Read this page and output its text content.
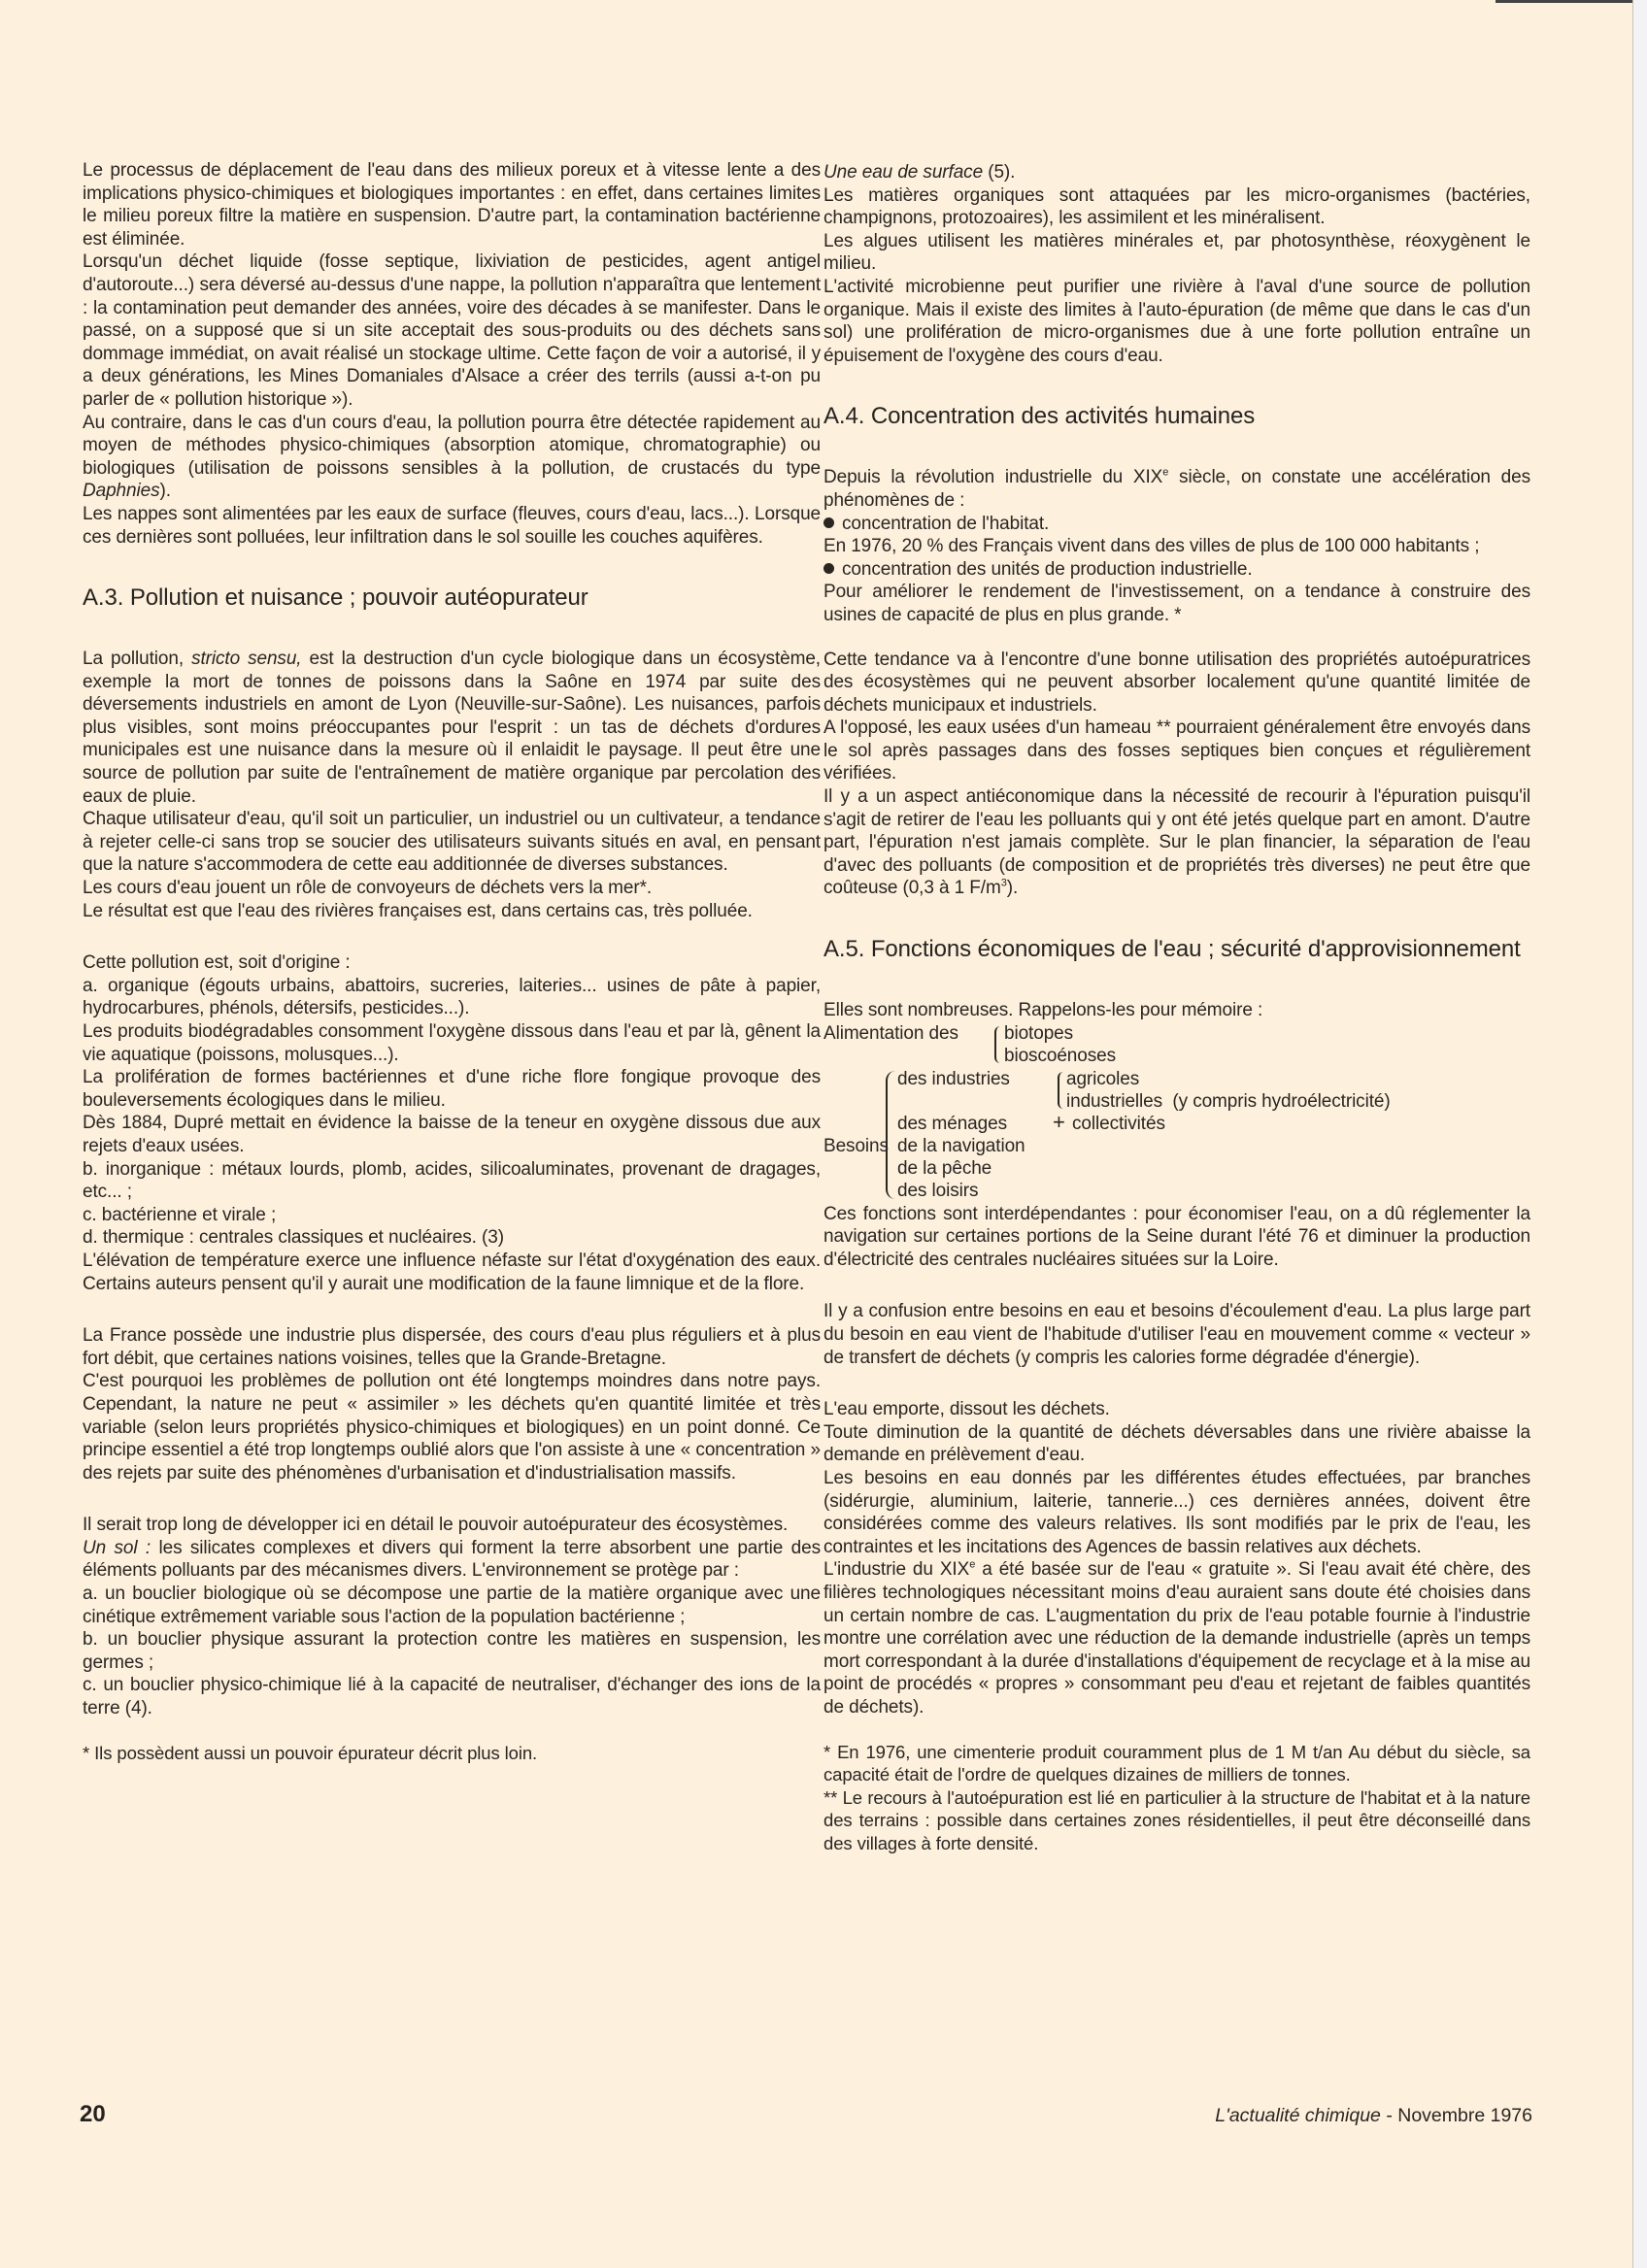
Le processus de déplacement de l'eau dans des milieux poreux et à vitesse lente a des implications physico-chimiques et biologiques importantes : en effet, dans certaines limites le milieu poreux filtre la matière en suspension. D'autre part, la contamination bactérienne est éliminée.

Lorsqu'un déchet liquide (fosse septique, lixiviation de pesticides, agent antigel d'autoroute...) sera déversé au-dessus d'une nappe, la pollution n'apparaîtra que lentement : la contamination peut demander des années, voire des décades à se manifester. Dans le passé, on a supposé que si un site acceptait des sous-produits ou des déchets sans dommage immédiat, on avait réalisé un stockage ultime. Cette façon de voir a autorisé, il y a deux générations, les Mines Domaniales d'Alsace a créer des terrils (aussi a-t-on pu parler de « pollution historique »).

Au contraire, dans le cas d'un cours d'eau, la pollution pourra être détectée rapidement au moyen de méthodes physico-chimiques (absorption atomique, chromatographie) ou biologiques (utilisation de poissons sensibles à la pollution, de crustacés du type Daphnies).

Les nappes sont alimentées par les eaux de surface (fleuves, cours d'eau, lacs...). Lorsque ces dernières sont polluées, leur infiltration dans le sol souille les couches aquifères.

A.3. Pollution et nuisance ; pouvoir autéopurateur

La pollution, stricto sensu, est la destruction d'un cycle biologique dans un écosystème, exemple la mort de tonnes de poissons dans la Saône en 1974 par suite des déversements industriels en amont de Lyon (Neuville-sur-Saône). Les nuisances, parfois plus visibles, sont moins préoccupantes pour l'esprit : un tas de déchets d'ordures municipales est une nuisance dans la mesure où il enlaidit le paysage. Il peut être une source de pollution par suite de l'entraînement de matière organique par percolation des eaux de pluie.

Chaque utilisateur d'eau, qu'il soit un particulier, un industriel ou un cultivateur, a tendance à rejeter celle-ci sans trop se soucier des utilisateurs suivants situés en aval, en pensant que la nature s'accommodera de cette eau additionnée de diverses substances.

Les cours d'eau jouent un rôle de convoyeurs de déchets vers la mer*.

Le résultat est que l'eau des rivières françaises est, dans certains cas, très polluée.

Cette pollution est, soit d'origine :

a. organique (égouts urbains, abattoirs, sucreries, laiteries... usines de pâte à papier, hydrocarbures, phénols, détersifs, pesticides...).

Les produits biodégradables consomment l'oxygène dissous dans l'eau et par là, gênent la vie aquatique (poissons, molusques...).

La prolifération de formes bactériennes et d'une riche flore fongique provoque des bouleversements écologiques dans le milieu.

Dès 1884, Dupré mettait en évidence la baisse de la teneur en oxygène dissous due aux rejets d'eaux usées.

b. inorganique : métaux lourds, plomb, acides, silicoaluminates, provenant de dragages, etc... ;

c. bactérienne et virale ;

d. thermique : centrales classiques et nucléaires. (3)

L'élévation de température exerce une influence néfaste sur l'état d'oxygénation des eaux. Certains auteurs pensent qu'il y aurait une modification de la faune limnique et de la flore.

La France possède une industrie plus dispersée, des cours d'eau plus réguliers et à plus fort débit, que certaines nations voisines, telles que la Grande-Bretagne.

C'est pourquoi les problèmes de pollution ont été longtemps moindres dans notre pays. Cependant, la nature ne peut « assimiler » les déchets qu'en quantité limitée et très variable (selon leurs propriétés physico-chimiques et biologiques) en un point donné. Ce principe essentiel a été trop longtemps oublié alors que l'on assiste à une « concentration » des rejets par suite des phénomènes d'urbanisation et d'industrialisation massifs.

Il serait trop long de développer ici en détail le pouvoir autoépurateur des écosystèmes.

Un sol : les silicates complexes et divers qui forment la terre absorbent une partie des éléments polluants par des mécanismes divers. L'environnement se protège par :

a. un bouclier biologique où se décompose une partie de la matière organique avec une cinétique extrêmement variable sous l'action de la population bactérienne ;

b. un bouclier physique assurant la protection contre les matières en suspension, les germes ;

c. un bouclier physico-chimique lié à la capacité de neutraliser, d'échanger des ions de la terre (4).

* Ils possèdent aussi un pouvoir épurateur décrit plus loin.

Une eau de surface (5).

Les matières organiques sont attaquées par les micro-organismes (bactéries, champignons, protozoaires), les assimilent et les minéralisent.

Les algues utilisent les matières minérales et, par photosynthèse, réoxygènent le milieu.

L'activité microbienne peut purifier une rivière à l'aval d'une source de pollution organique. Mais il existe des limites à l'auto-épuration (de même que dans le cas d'un sol) une prolifération de micro-organismes due à une forte pollution entraîne un épuisement de l'oxygène des cours d'eau.

A.4. Concentration des activités humaines

Depuis la révolution industrielle du XIXe siècle, on constate une accélération des phénomènes de :

concentration de l'habitat.

En 1976, 20 % des Français vivent dans des villes de plus de 100 000 habitants ;

concentration des unités de production industrielle.

Pour améliorer le rendement de l'investissement, on a tendance à construire des usines de capacité de plus en plus grande. *

Cette tendance va à l'encontre d'une bonne utilisation des propriétés autoépuratrices des écosystèmes qui ne peuvent absorber localement qu'une quantité limitée de déchets municipaux et industriels.

A l'opposé, les eaux usées d'un hameau ** pourraient généralement être envoyés dans le sol après passages dans des fosses septiques bien conçues et régulièrement vérifiées.

Il y a un aspect antiéconomique dans la nécessité de recourir à l'épuration puisqu'il s'agit de retirer de l'eau les polluants qui y ont été jetés quelque part en amont. D'autre part, l'épuration n'est jamais complète. Sur le plan financier, la séparation de l'eau d'avec des polluants (de composition et de propriétés très diverses) ne peut être que coûteuse (0,3 à 1 $F/m^3$).

A.5. Fonctions économiques de l'eau ; sécurité d'approvisionnement

Elles sont nombreuses. Rappelons-les pour mémoire :

Alimentation des biotopes
bioscoénoses
Besoins
des industries	agricoles
industrielles  (y compris hydroélectricité)
des ménages + collectivités
de la navigation
de la pêche
des loisirs

Ces fonctions sont interdépendantes : pour économiser l'eau, on a dû réglementer la navigation sur certaines portions de la Seine durant l'été 76 et diminuer la production d'électricité des centrales nucléaires situées sur la Loire.

Il y a confusion entre besoins en eau et besoins d'écoulement d'eau. La plus large part du besoin en eau vient de l'habitude d'utiliser l'eau en mouvement comme « vecteur » de transfert de déchets (y compris les calories forme dégradée d'énergie).

L'eau emporte, dissout les déchets.

Toute diminution de la quantité de déchets déversables dans une rivière abaisse la demande en prélèvement d'eau.

Les besoins en eau donnés par les différentes études effectuées, par branches (sidérurgie, aluminium, laiterie, tannerie...) ces dernières années, doivent être considérées comme des valeurs relatives. Ils sont modifiés par le prix de l'eau, les contraintes et les incitations des Agences de bassin relatives aux déchets.

L'industrie du XIXe a été basée sur de l'eau « gratuite ». Si l'eau avait été chère, des filières technologiques nécessitant moins d'eau auraient sans doute été choisies dans un certain nombre de cas. L'augmentation du prix de l'eau potable fournie à l'industrie montre une corrélation avec une réduction de la demande industrielle (après un temps mort correspondant à la durée d'installations d'équipement de recyclage et à la mise au point de procédés « propres » consommant peu d'eau et rejetant de faibles quantités de déchets).

* En 1976, une cimenterie produit couramment plus de 1 M t/an Au début du siècle, sa capacité était de l'ordre de quelques dizaines de milliers de tonnes.

** Le recours à l'autoépuration est lié en particulier à la structure de l'habitat et à la nature des terrains : possible dans certaines zones résidentielles, il peut être déconseillé dans des villages à forte densité.

20	L'actualité chimique - Novembre 1976
